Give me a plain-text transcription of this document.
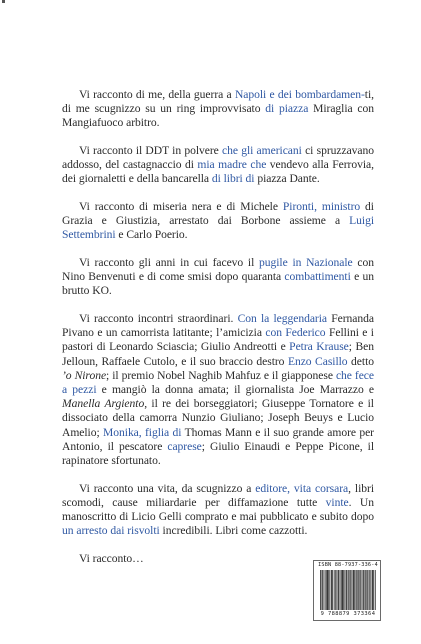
Vi racconto di me, della guerra a Napoli e dei bombardamen-ti, di me scugnizzo su un ring improvvisato di piazza Miraglia con Mangiafuoco arbitro.

Vi racconto il DDT in polvere che gli americani ci spruzzavano addosso, del castagnaccio di mia madre che vendevo alla Ferrovia, dei giornaletti e della bancarella di libri di piazza Dante.

Vi racconto di miseria nera e di Michele Pironti, ministro di Grazia e Giustizia, arrestato dai Borbone assieme a Luigi Settembrini e Carlo Poerio.

Vi racconto gli anni in cui facevo il pugile in Nazionale con Nino Benvenuti e di come smisi dopo quaranta combattimenti e un brutto KO.

Vi racconto incontri straordinari. Con la leggendaria Fernanda Pivano e un camorrista latitante; l’amicizia con Federico Fellini e i pastori di Leonardo Sciascia; Giulio Andreotti e Petra Krause; Ben Jelloun, Raffaele Cutolo, e il suo braccio destro Enzo Casillo detto ’o Nirone; il premio Nobel Naghib Mahfuz e il giapponese che fece a pezzi e mangiò la donna amata; il giornalista Joe Marrazzo e Manella Argiento, il re dei borseggiatori; Giuseppe Tornatore e il dissociato della camorra Nunzio Giuliano; Joseph Beuys e Lucio Amelio; Monika, figlia di Thomas Mann e il suo grande amore per Antonio, il pescatore caprese; Giulio Einaudi e Peppe Picone, il rapinatore sfortunato.

Vi racconto una vita, da scugnizzo a editore, vita corsara, libri scomodi, cause miliardarie per diffamazione tutte vinte. Un manoscritto di Licio Gelli comprato e mai pubblicato e subito dopo un arresto dai risvolti incredibili. Libri come cazzotti.

Vi racconto…

ISBN 88-7937-336-4
9 788879 373364
